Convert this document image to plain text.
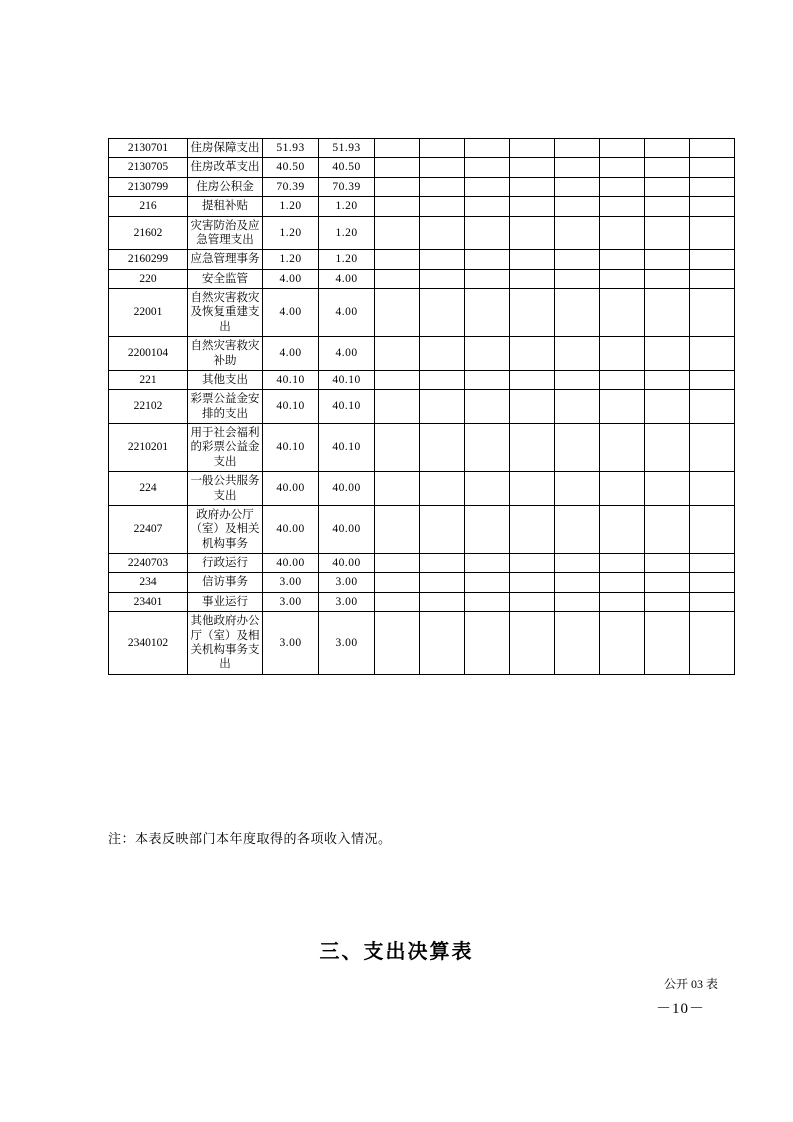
2130701	住房保障支出	51.93	51.93								
2130705	住房改革支出	40.50	40.50								
2130799	住房公积金	70.39	70.39								
216	提租补贴	1.20	1.20								
21602	灾害防治及应急管理支出	1.20	1.20								
2160299	应急管理事务	1.20	1.20								
220	安全监管	4.00	4.00								
22001	自然灾害救灾及恢复重建支出	4.00	4.00								
2200104	自然灾害救灾补助	4.00	4.00								
221	其他支出	40.10	40.10								
22102	彩票公益金安排的支出	40.10	40.10								
2210201	用于社会福利的彩票公益金支出	40.10	40.10								
224	一般公共服务支出	40.00	40.00								
22407	政府办公厅（室）及相关机构事务	40.00	40.00								
2240703	行政运行	40.00	40.00								
234	信访事务	3.00	3.00								
23401	事业运行	3.00	3.00								
2340102	其他政府办公厅（室）及相关机构事务支出	3.00	3.00								
注：本表反映部门本年度取得的各项收入情况。
三、支出决算表
公开 03 表
－10－
